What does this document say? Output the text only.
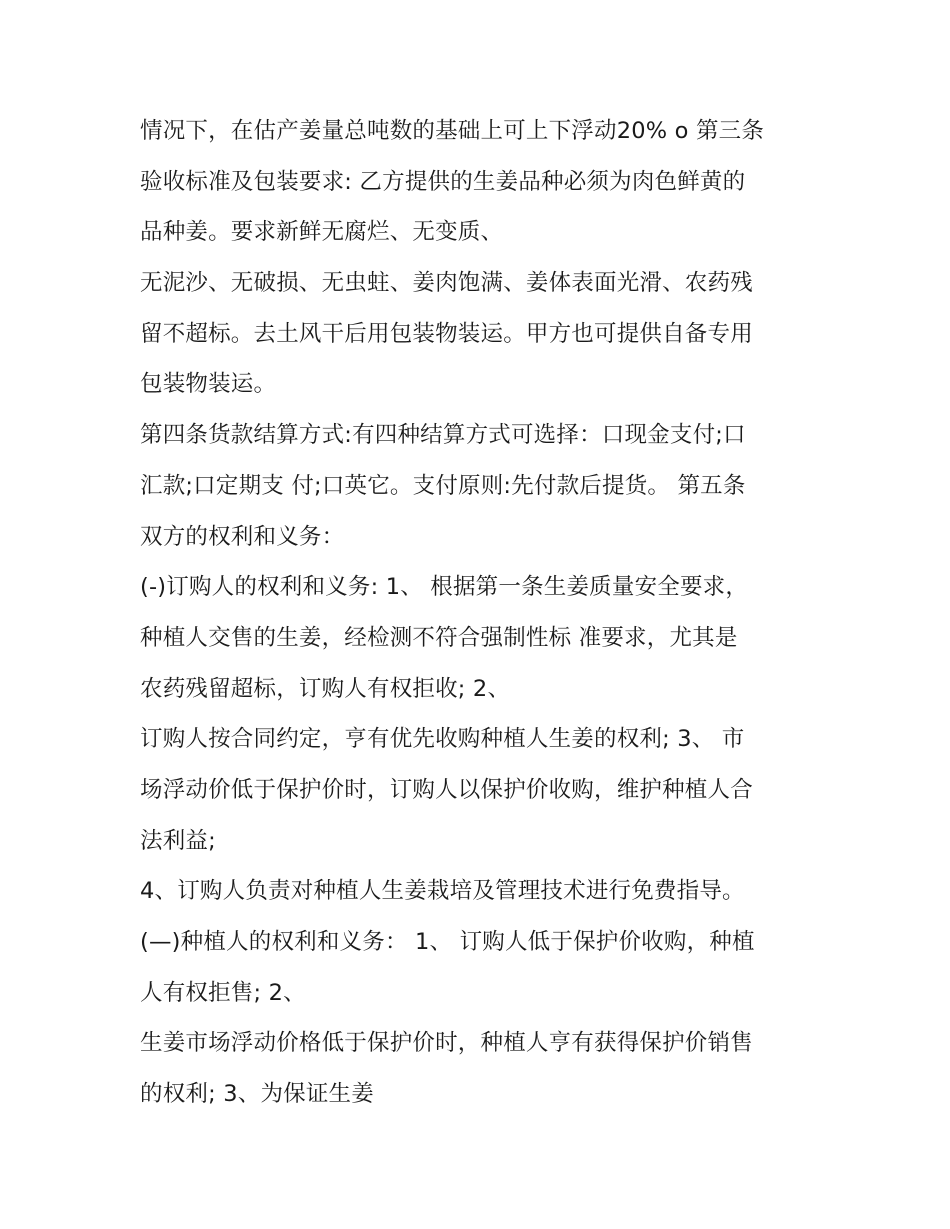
情况下，在估产姜量总吨数的基础上可上下浮动20% o 第三条
验收标准及包装要求: 乙方提供的生姜品种必须为肉色鲜黄的
品种姜。要求新鲜无腐烂、无变质、
无泥沙、无破损、无虫蛀、姜肉饱满、姜体表面光滑、农药残
留不超标。去土风干后用包装物装运。甲方也可提供自备专用
包装物装运。
第四条货款结算方式:有四种结算方式可选择：口现金支付;口
汇款;口定期支 付;口英它。支付原则:先付款后提货。 第五条
双方的权利和义务：
(-)订购人的权利和义务: 1、 根据第一条生姜质量安全要求，
种植人交售的生姜，经检测不符合强制性标 准要求，尤其是
农药残留超标，订购人有权拒收; 2、
订购人按合同约定，亨有优先收购种植人生姜的权利; 3、 市
场浮动价低于保护价时，订购人以保护价收购，维护种植人合
法利益;
4、订购人负责对种植人生姜栽培及管理技术进行免费指导。
(—)种植人的权利和义务： 1、 订购人低于保护价收购，种植
人有权拒售; 2、
生姜市场浮动价格低于保护价时，种植人亨有获得保护价销售
的权利; 3、为保证生姜
